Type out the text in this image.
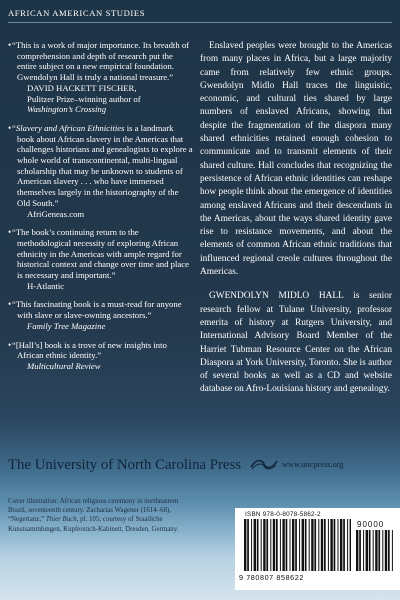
AFRICAN AMERICAN STUDIES
• “This is a work of major importance. Its breadth of comprehension and depth of research put the entire subject on a new empirical foundation. Gwendolyn Hall is truly a national treasure.”

DAVID HACKETT FISCHER,

Pulitzer Prize–winning author of

Washington’s Crossing

• “Slavery and African Ethnicities is a landmark book about African slavery in the Americas that challenges historians and genealogists to explore a whole world of transcontinental, multi-lingual scholarship that may be unknown to students of American slavery . . . who have immersed themselves largely in the historiography of the Old South.”

AfriGeneas.com

• “The book’s continuing return to the methodological necessity of exploring African ethnicity in the Americas with ample regard for historical context and change over time and place is necessary and important.”

H-Atlantic

• “This fascinating book is a must-read for anyone with slave or slave-owning ancestors.”

Family Tree Magazine

• “[Hall’s] book is a trove of new insights into African ethnic identity.”

Multicultural Review

Enslaved peoples were brought to the Americas from many places in Africa, but a large majority came from relatively few ethnic groups. Gwendolyn Midlo Hall traces the linguistic, economic, and cultural ties shared by large numbers of enslaved Africans, showing that despite the fragmentation of the diaspora many shared ethnicities retained enough cohesion to communicate and to transmit elements of their shared culture. Hall concludes that recognizing the persistence of African ethnic identities can reshape how people think about the emergence of identities among enslaved Africans and their descendants in the Americas, about the ways shared identity gave rise to resistance movements, and about the elements of common African ethnic traditions that influenced regional creole cultures throughout the Americas.

GWENDOLYN MIDLO HALL is senior research fellow at Tulane University, professor emerita of history at Rutgers University, and International Advisory Board Member of the Harriet Tubman Resource Center on the African Diaspora at York University, Toronto. She is author of several books as well as a CD and website database on Afro-Louisiana history and genealogy.

The University of North Carolina Press	www.uncpress.org

Cover illustration: African religious ceremony in northeastern Brazil, seventeenth century. Zacharias Wagener (1614–68), “Negertanz,” Thier Buch, pl. 105; courtesy of Staatliche Kunstsammlungen, Kupferstich-Kabinett, Dresden, Germany.

ISBN 978-0-8078-5862-2
90000
9 780807 858622
